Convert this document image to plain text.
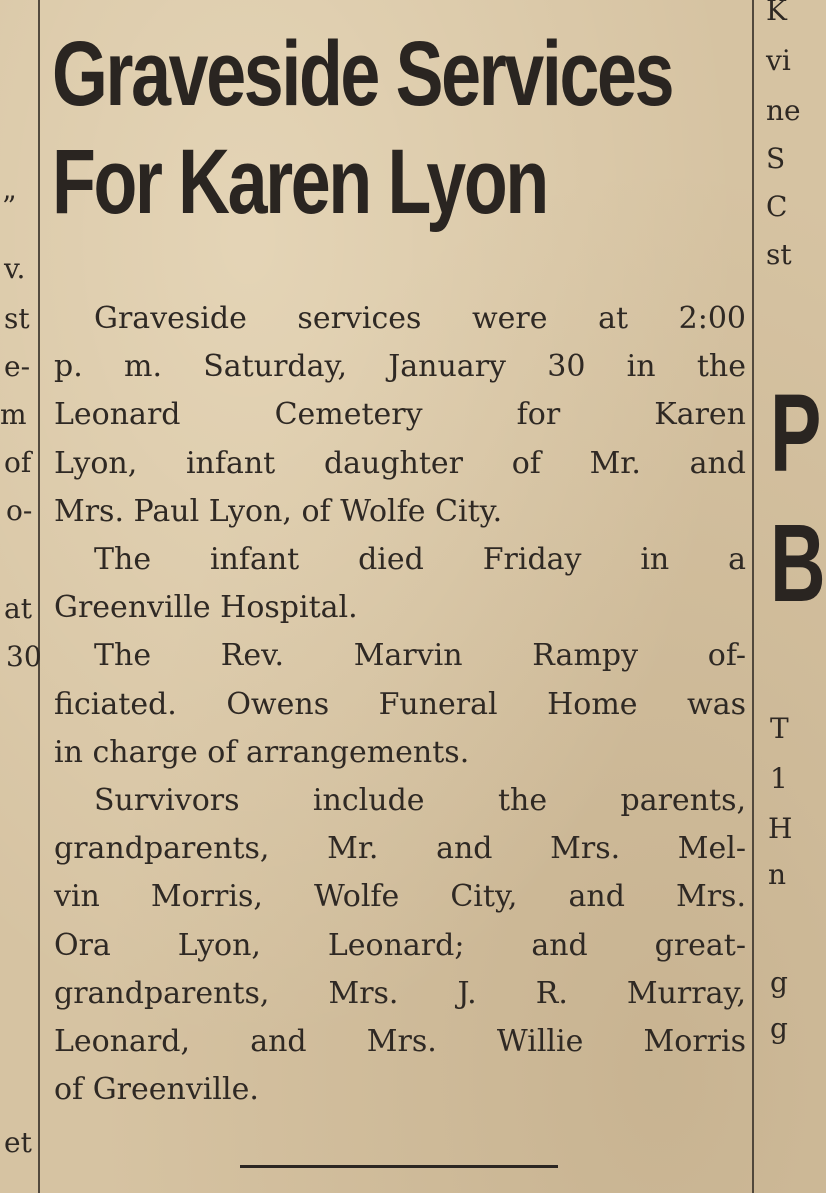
”
v.
st
e-
m
of
o-
at
30
et
K
vi
ne
S
C
st
P
B
T
1
H
n
g
g
Graveside Services
For Karen Lyon
Graveside services were at 2:00
p. m. Saturday, January 30 in the
Leonard Cemetery for Karen
Lyon, infant daughter of Mr. and
Mrs. Paul Lyon, of Wolfe City.
The infant died Friday in a
Greenville Hospital.
The Rev. Marvin Rampy of-
ficiated. Owens Funeral Home was
in charge of arrangements.
Survivors include the parents,
grandparents, Mr. and Mrs. Mel-
vin Morris, Wolfe City, and Mrs.
Ora Lyon, Leonard; and great-
grandparents, Mrs. J. R. Murray,
Leonard, and Mrs. Willie Morris
of Greenville.
